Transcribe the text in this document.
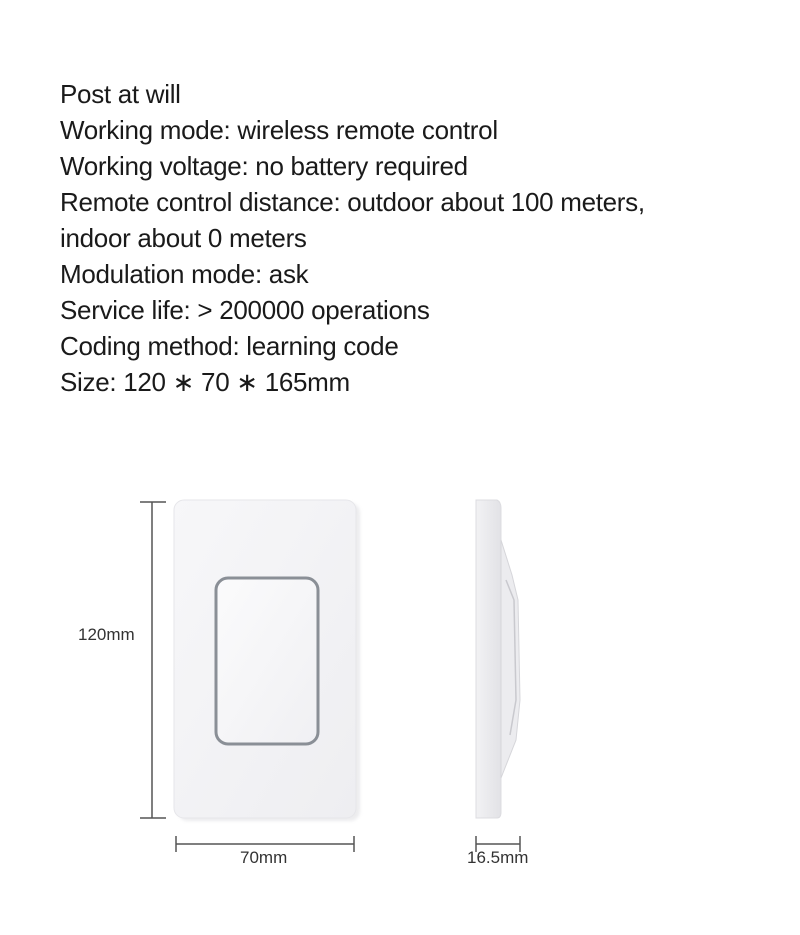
Post at will
Working mode: wireless remote control
Working voltage: no battery required
Remote control distance: outdoor about 100 meters,
indoor about 0 meters
Modulation mode: ask
Service life: > 200000 operations
Coding method: learning code
Size: 120 ∗ 70 ∗ 165mm
120mm
70mm	16.5mm
